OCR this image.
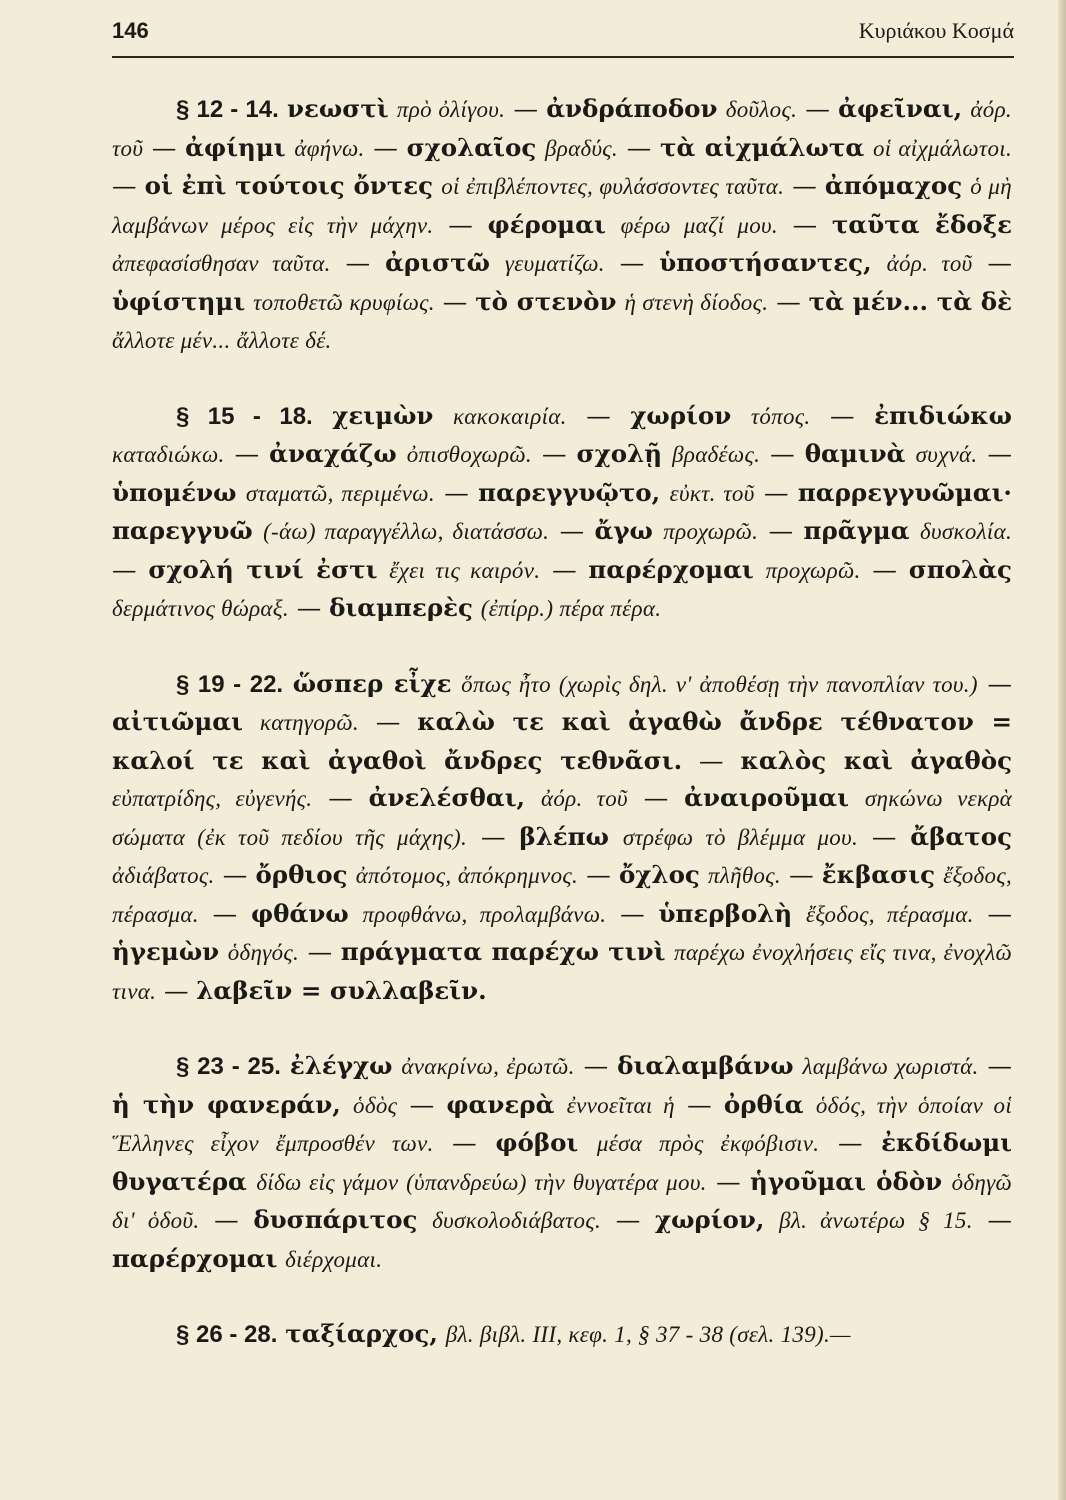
146	Κυριάκου Κοσμά

§ 12 - 14. νεωστὶ πρὸ ὀλίγου. — ἀνδράποδον δοῦλος. — ἀφεῖναι, ἀόρ. τοῦ — ἀφίημι ἀφήνω. — σχολαῖος βραδύς. — τὰ αἰχμάλωτα οἱ αἰχμάλωτοι. — οἱ ἐπὶ τούτοις ὄντες οἱ ἐπιβλέποντες, φυλάσσοντες ταῦτα. — ἀπόμαχος ὁ μὴ λαμβάνων μέρος εἰς τὴν μάχην. — φέρομαι φέρω μαζί μου. — ταῦτα ἔδοξε ἀπεφασίσθησαν ταῦτα. — ἀριστῶ γευματίζω. — ὑποστήσαντες, ἀόρ. τοῦ — ὑφίστημι τοποθετῶ κρυφίως. — τὸ στενὸν ἡ στενὴ δίοδος. — τὰ μέν... τὰ δὲ ἄλλοτε μέν... ἄλλοτε δέ.

§ 15 - 18. χειμὼν κακοκαιρία. — χωρίον τόπος. — ἐπιδιώκω καταδιώκω. — ἀναχάζω ὀπισθοχωρῶ. — σχολῇ βραδέως. — θαμινὰ συχνά. — ὑπομένω σταματῶ, περιμένω. — παρεγγυῷτο, εὐκτ. τοῦ — παρρεγγυῶμαι· παρεγγυῶ (-άω) παραγγέλλω, διατάσσω. — ἄγω προχωρῶ. — πρᾶγμα δυσκολία. — σχολή τινί ἐστι ἔχει τις καιρόν. — παρέρχομαι προχωρῶ. — σπολὰς δερμάτινος θώραξ. — διαμπερὲς (ἐπίρρ.) πέρα πέρα.

§ 19 - 22. ὥσπερ εἶχε ὅπως ἦτο (χωρὶς δηλ. ν' ἀποθέσῃ τὴν πανοπλίαν του.) — αἰτιῶμαι κατηγορῶ. — καλὼ τε καὶ ἀγαθὼ ἄνδρε τέθνατον = καλοί τε καὶ ἀγαθοὶ ἄνδρες τεθνᾶσι. — καλὸς καὶ ἀγαθὸς εὐπατρίδης, εὐγενής. — ἀνελέσθαι, ἀόρ. τοῦ — ἀναιροῦμαι σηκώνω νεκρὰ σώματα (ἐκ τοῦ πεδίου τῆς μάχης). — βλέπω στρέφω τὸ βλέμμα μου. — ἄβατος ἀδιάβατος. — ὄρθιος ἀπότομος, ἀπόκρημνος. — ὄχλος πλῆθος. — ἔκβασις ἔξοδος, πέρασμα. — φθάνω προφθάνω, προλαμβάνω. — ὑπερβολὴ ἔξοδος, πέρασμα. — ἡγεμὼν ὁδηγός. — πράγματα παρέχω τινὶ παρέχω ἐνοχλήσεις εἴς τινα, ἐνοχλῶ τινα. — λαβεῖν = συλλαβεῖν.

§ 23 - 25. ἐλέγχω ἀνακρίνω, ἐρωτῶ. — διαλαμβάνω λαμβάνω χωριστά. — ἡ τὴν φανεράν, ὁδὸς — φανερὰ ἐννοεῖται ἡ — ὀρθία ὁδός, τὴν ὁποίαν οἱ Ἕλληνες εἶχον ἔμπροσθέν των. — φόβοι μέσα πρὸς ἐκφόβισιν. — ἐκδίδωμι θυγατέρα δίδω εἰς γάμον (ὑπανδρεύω) τὴν θυγατέρα μου. — ἡγοῦμαι ὁδὸν ὁδηγῶ δι' ὁδοῦ. — δυσπάριτος δυσκολοδιάβατος. — χωρίον, βλ. ἀνωτέρω § 15. — παρέρχομαι διέρχομαι.

§ 26 - 28. ταξίαρχος, βλ. βιβλ. III, κεφ. 1, § 37 - 38 (σελ. 139).—
